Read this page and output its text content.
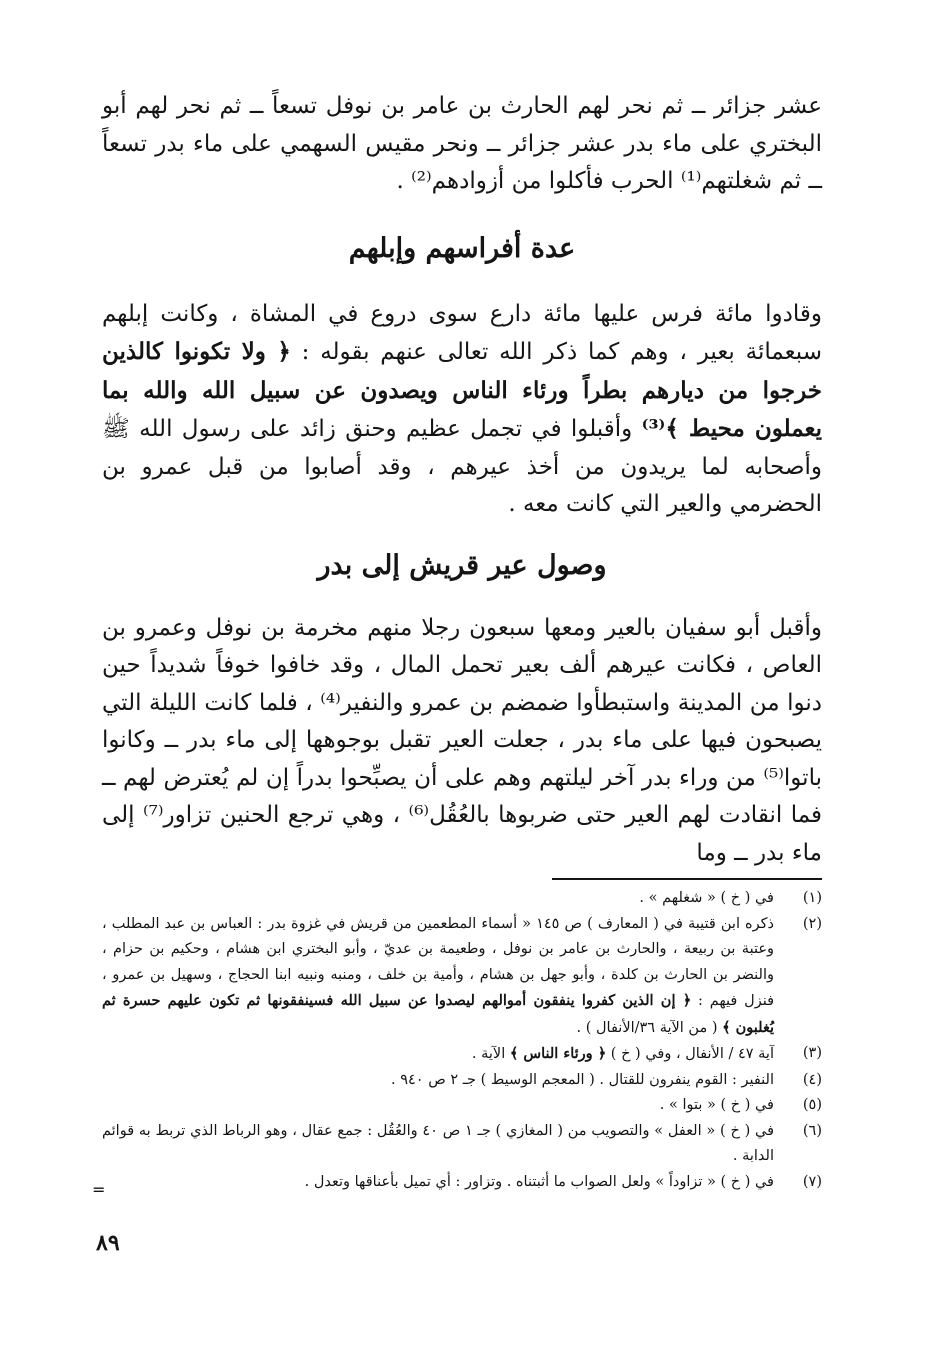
عشر جزائر ــ ثم نحر لهم الحارث بن عامر بن نوفل تسعاً ــ ثم نحر لهم أبو البختري على ماء بدر عشر جزائر ــ ونحر مقيس السهمي على ماء بدر تسعاً ــ ثم شغلتهم⁽¹⁾ الحرب فأكلوا من أزوادهم⁽²⁾ .

عدة أفراسهم وإبلهم

وقادوا مائة فرس عليها مائة دارع سوى دروع في المشاة ، وكانت إبلهم سبعمائة بعير ، وهم كما ذكر الله تعالى عنهم بقوله : ﴿ ولا تكونوا كالذين خرجوا من ديارهم بطراً ورئاء الناس ويصدون عن سبيل الله والله بما يعملون محيط ﴾⁽³⁾ وأقبلوا في تجمل عظيم وحنق زائد على رسول الله ﷺ وأصحابه لما يريدون من أخذ عيرهم ، وقد أصابوا من قبل عمرو بن الحضرمي والعير التي كانت معه .

وصول عير قريش إلى بدر

وأقبل أبو سفيان بالعير ومعها سبعون رجلا منهم مخرمة بن نوفل وعمرو بن العاص ، فكانت عيرهم ألف بعير تحمل المال ، وقد خافوا خوفاً شديداً حين دنوا من المدينة واستبطأوا ضمضم بن عمرو والنفير⁽⁴⁾ ، فلما كانت الليلة التي يصبحون فيها على ماء بدر ، جعلت العير تقبل بوجوهها إلى ماء بدر ــ وكانوا باتوا⁽⁵⁾ من وراء بدر آخر ليلتهم وهم على أن يصبِّحوا بدراً إن لم يُعترض لهم ــ فما انقادت لهم العير حتى ضربوها بالعُقُل⁽⁶⁾ ، وهي ترجع الحنين تزاور⁽⁷⁾ إلى ماء بدر ــ وما

(١)
في ( خ ) « شغلهم » .
(٢)
ذكره ابن قتيبة في ( المعارف ) ص ١٤٥ « أسماء المطعمين من قريش في غزوة بدر : العباس بن عبد المطلب ، وعتبة بن ربيعة ، والحارث بن عامر بن نوفل ، وطعيمة بن عديّ ، وأبو البختري ابن هشام ، وحكيم بن حزام ، والنضر بن الحارث بن كلدة ، وأبو جهل بن هشام ، وأمية بن خلف ، ومنبه ونبيه ابنا الحجاج ، وسهيل بن عمرو ، فنزل فيهم : ﴿ إن الذين كفروا ينفقون أموالهم ليصدوا عن سبيل الله فسينفقونها ثم تكون عليهم حسرة ثم يُغلبون ﴾ ( من الآية ٣٦/الأنفال ) .
(٣)
آية ٤٧ / الأنفال ، وفي ( خ ) ﴿ ورئاء الناس ﴾ الآية .
(٤)
النفير : القوم ينفرون للقتال . ( المعجم الوسيط ) جـ ٢ ص ٩٤٠ .
(٥)
في ( خ ) « بتوا » .
(٦)
في ( خ ) « العفل » والتصويب من ( المغازي ) جـ ١ ص ٤٠ والعُقُل : جمع عقال ، وهو الرباط الذي تربط به قوائم الدابة .
(٧)
في ( خ ) « تزاوداً » ولعل الصواب ما أثبتناه . وتزاور : أي تميل بأعناقها وتعدل .
=
٨٩
